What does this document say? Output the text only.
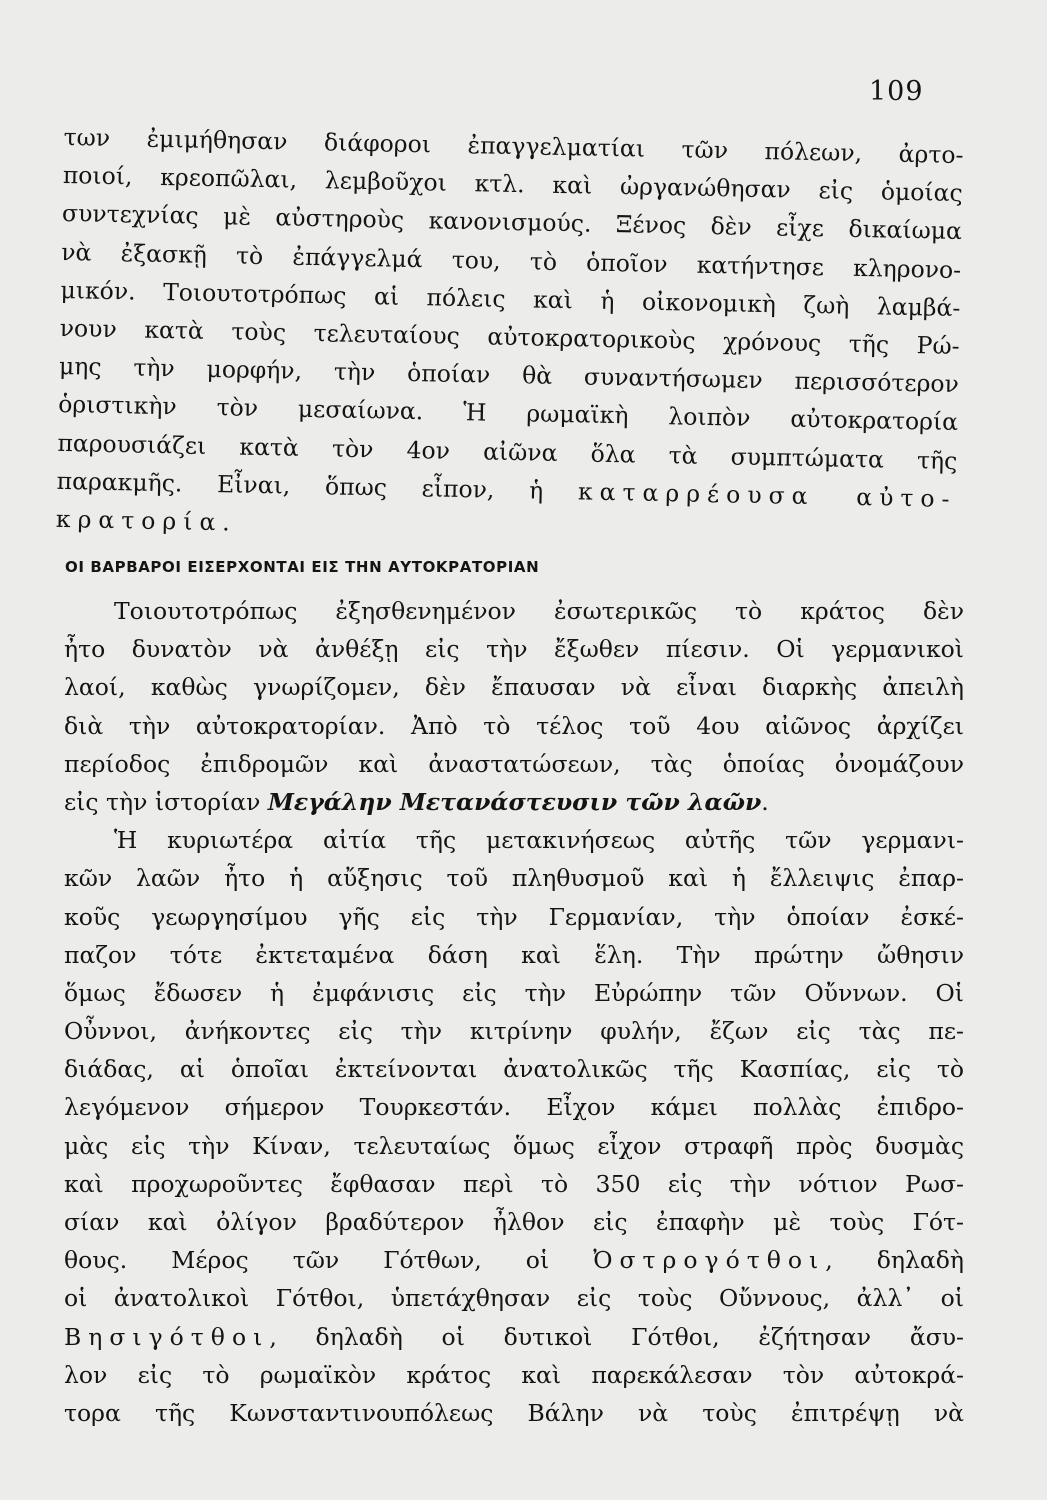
109
των ἐμιμήθησαν διάφοροι ἐπαγγελματίαι τῶν πόλεων, ἀρτο-
ποιοί, κρεοπῶλαι, λεμβοῦχοι κτλ. καὶ ὠργανώθησαν εἰς ὁμοίας
συντεχνίας μὲ αὐστηροὺς κανονισμούς. Ξένος δὲν εἶχε δικαίωμα
νὰ ἐξασκῇ τὸ ἐπάγγελμά του, τὸ ὁποῖον κατήντησε κληρονο-
μικόν. Τοιουτοτρόπως αἱ πόλεις καὶ ἡ οἰκονομικὴ ζωὴ λαμβά-
νουν κατὰ τοὺς τελευταίους αὐτοκρατορικοὺς χρόνους τῆς Ρώ-
μης τὴν μορφήν, τὴν ὁποίαν θὰ συναντήσωμεν περισσότερον
ὁριστικὴν τὸν μεσαίωνα. Ἡ ρωμαϊκὴ λοιπὸν αὐτοκρατορία
παρουσιάζει κατὰ τὸν 4ον αἰῶνα ὅλα τὰ συμπτώματα τῆς
παρακμῆς. Εἶναι, ὅπως εἶπον, ἡ καταρρέουσα αὐτο-
κρατορία.
ΟΙ ΒΑΡΒΑΡΟΙ ΕΙΣΕΡΧΟΝΤΑΙ ΕΙΣ ΤΗΝ ΑΥΤΟΚΡΑΤΟΡΙΑΝ
Τοιουτοτρόπως ἐξησθενημένον ἐσωτερικῶς τὸ κράτος δὲν
ἦτο δυνατὸν νὰ ἀνθέξῃ εἰς τὴν ἔξωθεν πίεσιν. Οἱ γερμανικοὶ
λαοί, καθὼς γνωρίζομεν, δὲν ἔπαυσαν νὰ εἶναι διαρκὴς ἀπειλὴ
διὰ τὴν αὐτοκρατορίαν. Ἀπὸ τὸ τέλος τοῦ 4ου αἰῶνος ἀρχίζει
περίοδος ἐπιδρομῶν καὶ ἀναστατώσεων, τὰς ὁποίας ὀνομάζουν
εἰς τὴν ἱστορίαν Μεγάλην Μετανάστευσιν τῶν λαῶν.
Ἡ κυριωτέρα αἰτία τῆς μετακινήσεως αὐτῆς τῶν γερμανι-
κῶν λαῶν ἦτο ἡ αὔξησις τοῦ πληθυσμοῦ καὶ ἡ ἔλλειψις ἐπαρ-
κοῦς γεωργησίμου γῆς εἰς τὴν Γερμανίαν, τὴν ὁποίαν ἐσκέ-
παζον τότε ἐκτεταμένα δάση καὶ ἕλη. Τὴν πρώτην ὤθησιν
ὅμως ἔδωσεν ἡ ἐμφάνισις εἰς τὴν Εὐρώπην τῶν Οὔννων. Οἱ
Οὖννοι, ἀνήκοντες εἰς τὴν κιτρίνην φυλήν, ἔζων εἰς τὰς πε-
διάδας, αἱ ὁποῖαι ἐκτείνονται ἀνατολικῶς τῆς Κασπίας, εἰς τὸ
λεγόμενον σήμερον Τουρκεστάν. Εἶχον κάμει πολλὰς ἐπιδρο-
μὰς εἰς τὴν Κίναν, τελευταίως ὅμως εἶχον στραφῆ πρὸς δυσμὰς
καὶ προχωροῦντες ἔφθασαν περὶ τὸ 350 εἰς τὴν νότιον Ρωσ-
σίαν καὶ ὀλίγον βραδύτερον ἦλθον εἰς ἐπαφὴν μὲ τοὺς Γότ-
θους. Μέρος τῶν Γότθων, οἱ Ὀστρογότθοι, δηλαδὴ
οἱ ἀνατολικοὶ Γότθοι, ὑπετάχθησαν εἰς τοὺς Οὔννους, ἀλλ᾽ οἱ
Βησιγότθοι, δηλαδὴ οἱ δυτικοὶ Γότθοι, ἐζήτησαν ἄσυ-
λον εἰς τὸ ρωμαϊκὸν κράτος καὶ παρεκάλεσαν τὸν αὐτοκρά-
τορα τῆς Κωνσταντινουπόλεως Βάλην νὰ τοὺς ἐπιτρέψῃ νὰ
